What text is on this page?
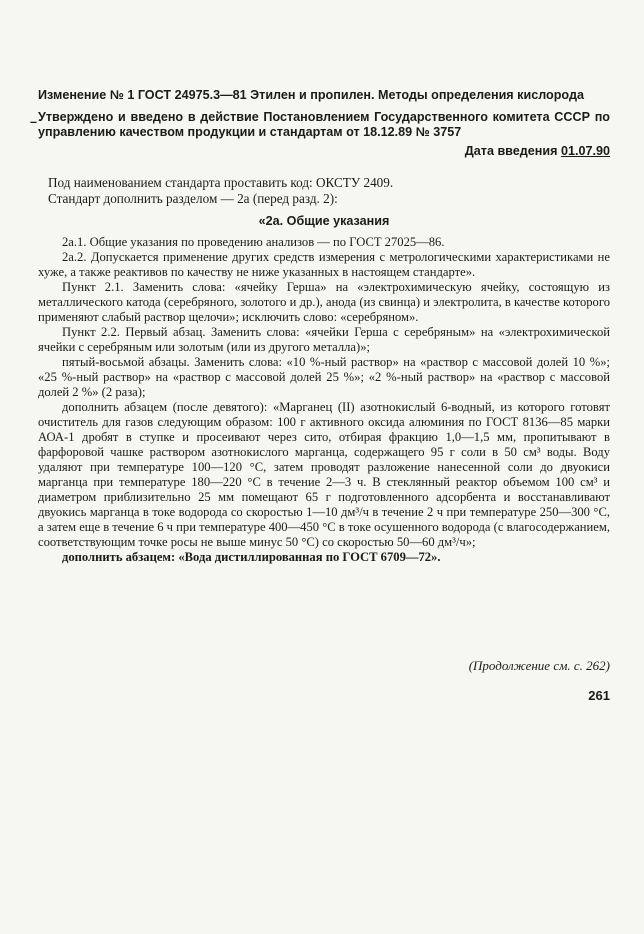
–

Изменение № 1 ГОСТ 24975.3—81 Этилен и пропилен. Методы определения кислорода

Утверждено и введено в действие Постановлением Государственного комитета СССР по управлению качеством продукции и стандартам от 18.12.89 № 3757

Дата введения 01.07.90

Под наименованием стандарта проставить код: ОКСТУ 2409.

Стандарт дополнить разделом — 2а (перед разд. 2):

«2а. Общие указания

2а.1. Общие указания по проведению анализов — по ГОСТ 27025—86.

2а.2. Допускается применение других средств измерения с метрологическими характеристиками не хуже, а также реактивов по качеству не ниже указанных в настоящем стандарте».

Пункт 2.1. Заменить слова: «ячейку Герша» на «электрохимическую ячейку, состоящую из металлического катода (серебряного, золотого и др.), анода (из свинца) и электролита, в качестве которого применяют слабый раствор щелочи»; исключить слово: «серебряном».

Пункт 2.2. Первый абзац. Заменить слова: «ячейки Герша с серебряным» на «электрохимической ячейки с серебряным или золотым (или из другого металла)»;

пятый-восьмой абзацы. Заменить слова: «10 %-ный раствор» на «раствор с массовой долей 10 %»; «25 %-ный раствор» на «раствор с массовой долей 25 %»; «2 %-ный раствор» на «раствор с массовой долей 2 %» (2 раза);

дополнить абзацем (после девятого): «Марганец (II) азотнокислый 6-водный, из которого готовят очиститель для газов следующим образом: 100 г активного оксида алюминия по ГОСТ 8136—85 марки АОА-1 дробят в ступке и просеивают через сито, отбирая фракцию 1,0—1,5 мм, пропитывают в фарфоровой чашке раствором азотнокислого марганца, содержащего 95 г соли в 50 см³ воды. Воду удаляют при температуре 100—120 °С, затем проводят разложение нанесенной соли до двуокиси марганца при температуре 180—220 °С в течение 2—3 ч. В стеклянный реактор объемом 100 см³ и диаметром приблизительно 25 мм помещают 65 г подготовленного адсорбента и восстанавливают двуокись марганца в токе водорода со скоростью 1—10 дм³/ч в течение 2 ч при температуре 250—300 °С, а затем еще в течение 6 ч при температуре 400—450 °С в токе осушенного водорода (с влагосодержанием, соответствующим точке росы не выше минус 50 °С) со скоростью 50—60 дм³/ч»;

дополнить абзацем: «Вода дистиллированная по ГОСТ 6709—72».

(Продолжение см. с. 262)
261
